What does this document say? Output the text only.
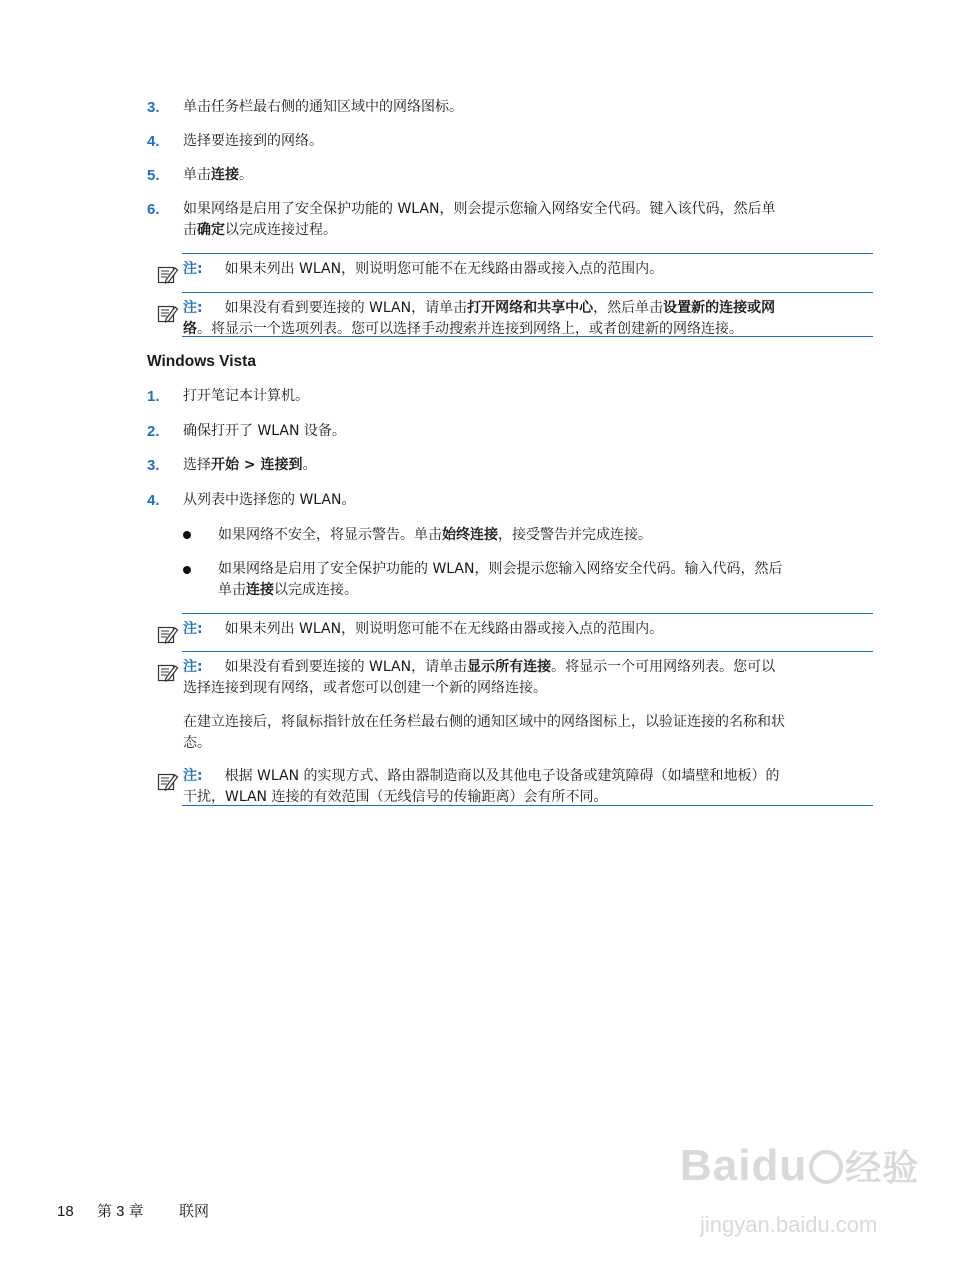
3. 单击任务栏最右侧的通知区域中的网络图标。
4. 选择要连接到的网络。
5. 单击连接。
6. 如果网络是启用了安全保护功能的 WLAN，则会提示您输入网络安全代码。键入该代码，然后单
击确定以完成连接过程。
注: 如果未列出 WLAN，则说明您可能不在无线路由器或接入点的范围内。
注: 如果没有看到要连接的 WLAN，请单击打开网络和共享中心，然后单击设置新的连接或网
络。将显示一个选项列表。您可以选择手动搜索并连接到网络上，或者创建新的网络连接。
Windows Vista
1. 打开笔记本计算机。
2. 确保打开了 WLAN 设备。
3. 选择开始 > 连接到。
4. 从列表中选择您的 WLAN。
如果网络不安全，将显示警告。单击始终连接，接受警告并完成连接。
如果网络是启用了安全保护功能的 WLAN，则会提示您输入网络安全代码。输入代码，然后
单击连接以完成连接。
注: 如果未列出 WLAN，则说明您可能不在无线路由器或接入点的范围内。
注: 如果没有看到要连接的 WLAN，请单击显示所有连接。将显示一个可用网络列表。您可以
选择连接到现有网络，或者您可以创建一个新的网络连接。
在建立连接后，将鼠标指针放在任务栏最右侧的通知区域中的网络图标上，以验证连接的名称和状
态。
注: 根据 WLAN 的实现方式、路由器制造商以及其他电子设备或建筑障碍（如墙壁和地板）的
干扰，WLAN 连接的有效范围（无线信号的传输距离）会有所不同。
18 第 3 章 联网
Baidu 经验
jingyan.baidu.com
